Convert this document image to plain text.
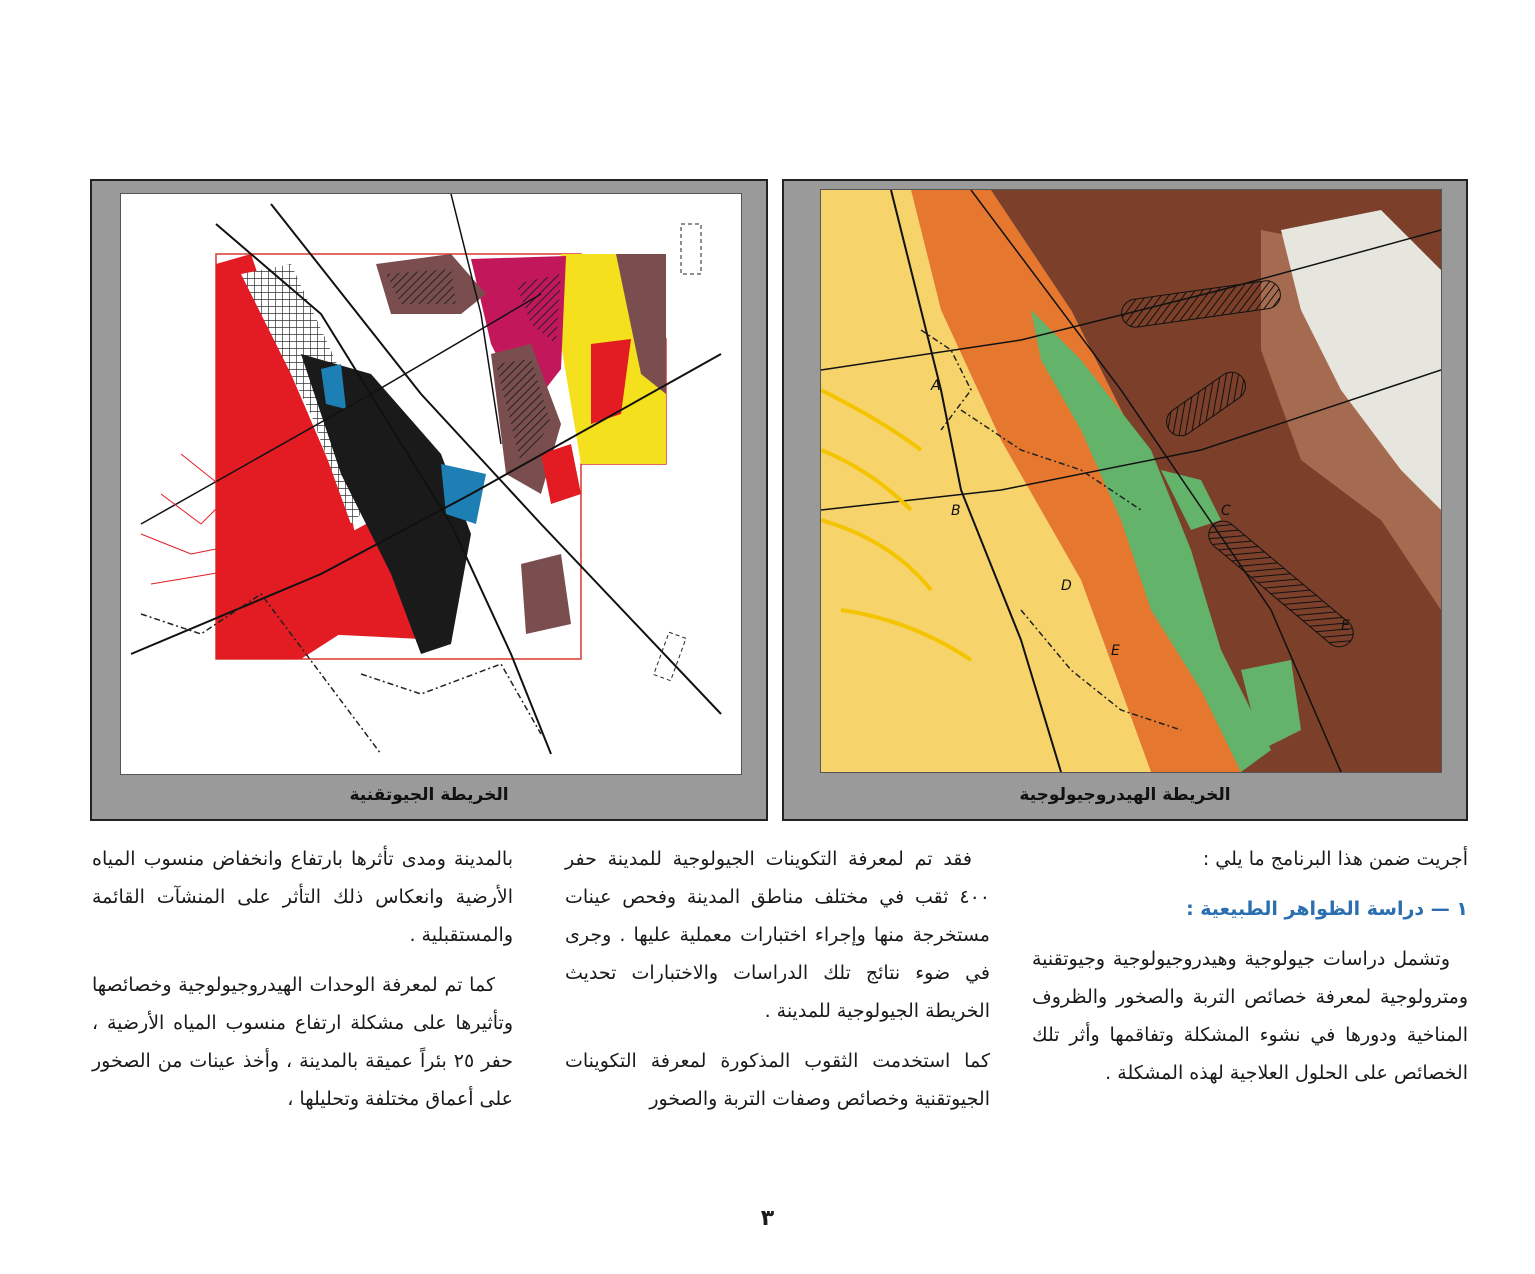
الخريطة الجيوتقنية
A
B	C
D
E
E
الخريطة الهيدروجيولوجية

أجريت ضمن هذا البرنامج ما يلي :

١ — دراسة الظواهر الطبيعية :

وتشمل دراسات جيولوجية وهيدروجيولوجية وجيوتقنية ومترولوجية لمعرفة خصائص التربة والصخور والظروف المناخية ودورها في نشوء المشكلة وتفاقمها وأثر تلك الخصائص على الحلول العلاجية لهذه المشكلة .

فقد تم لمعرفة التكوينات الجيولوجية للمدينة حفر ٤٠٠ ثقب في مختلف مناطق المدينة وفحص عينات مستخرجة منها وإجراء اختبارات معملية عليها . وجرى في ضوء نتائج تلك الدراسات والاختبارات تحديث الخريطة الجيولوجية للمدينة .

كما استخدمت الثقوب المذكورة لمعرفة التكوينات الجيوتقنية وخصائص وصفات التربة والصخور

بالمدينة ومدى تأثرها بارتفاع وانخفاض منسوب المياه الأرضية وانعكاس ذلك التأثر على المنشآت القائمة والمستقبلية .

كما تم لمعرفة الوحدات الهيدروجيولوجية وخصائصها وتأثيرها على مشكلة ارتفاع منسوب المياه الأرضية ، حفر ٢٥ بئراً عميقة بالمدينة ، وأخذ عينات من الصخور على أعماق مختلفة وتحليلها ،

٣
